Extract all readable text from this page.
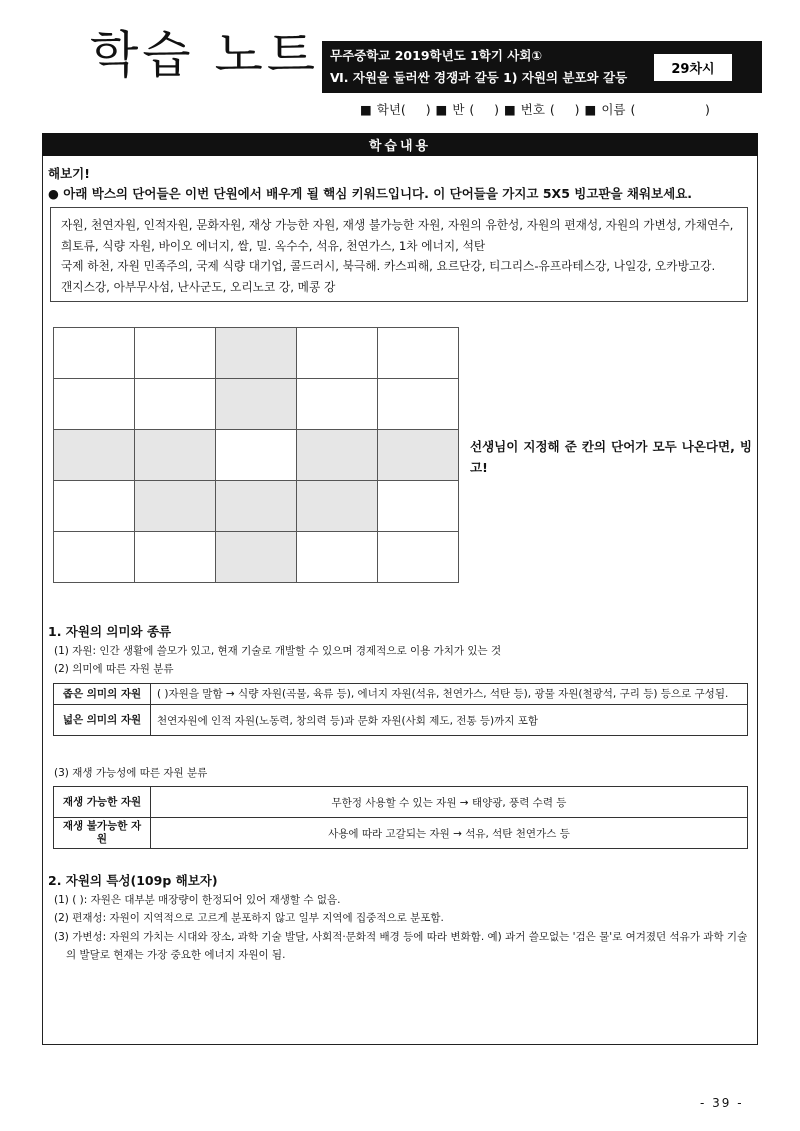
학습 노트 무주중학교 2019학년도 1학기 사회①
Ⅵ. 자원을 둘러싼 경쟁과 갈등 1) 자원의 분포와 갈등
29차시
■ 학년(    ) ■ 반 (    ) ■ 번호 (    ) ■ 이름 (              )
학습내용
해보기!
● 아래 박스의 단어들은 이번 단원에서 배우게 될 핵심 키워드입니다. 이 단어들을 가지고 5X5 빙고판을 채워보세요.
자원, 천연자원, 인적자원, 문화자원, 재상 가능한 자원, 재생 불가능한 자원, 자원의 유한성, 자원의 편재성, 자원의 가변성, 가채연수, 희토류, 식량 자원, 바이오 에너지, 쌀, 밀. 옥수수, 석유, 천연가스, 1차 에너지, 석탄
국제 하천, 자원 민족주의, 국제 식량 대기업, 콜드러시, 북극해. 카스피해, 요르단강, 티그리스-유프라테스강, 나일강, 오카방고강. 갠지스강, 아부무사섬, 난사군도, 오리노코 강, 메콩 강

선생님이 지정해 준 칸의 단어가 모두 나온다면, 빙고!
1. 자원의 의미와 종류
(1) 자원: 인간 생활에 쓸모가 있고, 현재 기술로 개발할 수 있으며 경제적으로 이용 가치가 있는 것
(2) 의미에 따른 자원 분류
좁은 의미의 자원	( )자원을 말함 → 식량 자원(곡물, 육류 등), 에너지 자원(석유, 천연가스, 석탄 등), 광물 자원(철광석, 구리 등) 등으로 구성됨.
넓은 의미의 자원	천연자원에 인적 자원(노동력, 창의력 등)과 문화 자원(사회 제도, 전통 등)까지 포함
(3) 재생 가능성에 따른 자원 분류
재생 가능한 자원	무한정 사용할 수 있는 자원 → 태양광, 풍력 수력 등
재생 불가능한 자원	사용에 따라 고갈되는 자원 → 석유, 석탄 천연가스 등
2. 자원의 특성(109p 해보자)
(1) ( ): 자원은 대부분 매장량이 한정되어 있어 재생할 수 없음.
(2) 편재성: 자원이 지역적으로 고르게 분포하지 않고 일부 지역에 집중적으로 분포함.
(3) 가변성: 자원의 가치는 시대와 장소, 과학 기술 발달, 사회적·문화적 배경 등에 따라 변화함. 예) 과거 쓸모없는 '검은 물'로 여겨졌던 석유가 과학 기술의 발달로 현재는 가장 중요한 에너지 자원이 됨.
- 39 -
